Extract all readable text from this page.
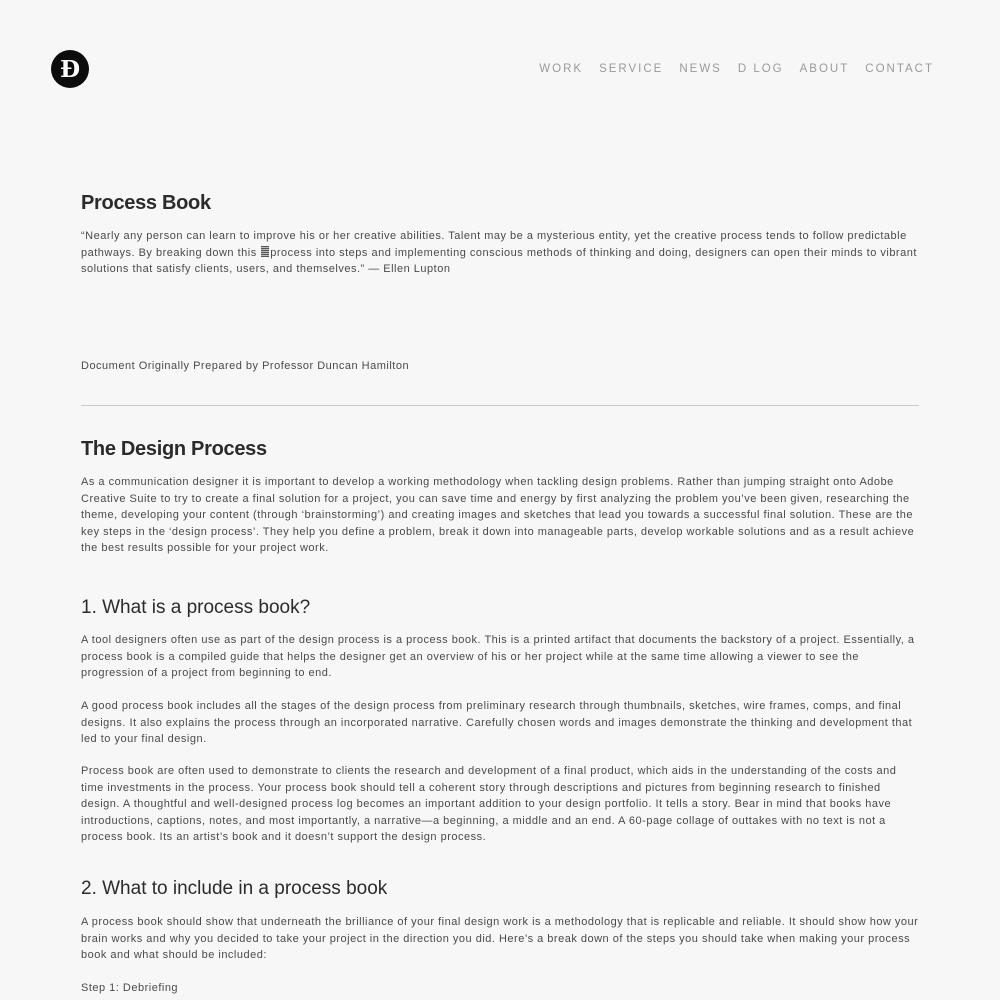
Đ	WORK SERVICE NEWS D LOG ABOUT CONTACT
Process Book

“Nearly any person can learn to improve his or her creative abilities. Talent may be a mysterious entity, yet the creative process tends to follow predictable pathways. By breaking down this process into steps and implementing conscious methods of thinking and doing, designers can open their minds to vibrant solutions that satisfy clients, users, and themselves.” — Ellen Lupton

Document Originally Prepared by Professor Duncan Hamilton

The Design Process

As a communication designer it is important to develop a working methodology when tackling design problems. Rather than jumping straight onto Adobe Creative Suite to try to create a final solution for a project, you can save time and energy by first analyzing the problem you’ve been given, researching the theme, developing your content (through ‘brainstorming’) and creating images and sketches that lead you towards a successful final solution. These are the key steps in the ‘design process’. They help you define a problem, break it down into manageable parts, develop workable solutions and as a result achieve the best results possible for your project work.

1. What is a process book?

A tool designers often use as part of the design process is a process book. This is a printed artifact that documents the backstory of a project. Essentially, a process book is a compiled guide that helps the designer get an overview of his or her project while at the same time allowing a viewer to see the progression of a project from beginning to end.

A good process book includes all the stages of the design process from preliminary research through thumbnails, sketches, wire frames, comps, and final designs. It also explains the process through an incorporated narrative. Carefully chosen words and images demonstrate the thinking and development that led to your final design.

Process book are often used to demonstrate to clients the research and development of a final product, which aids in the understanding of the costs and time investments in the process. Your process book should tell a coherent story through descriptions and pictures from beginning research to finished design. A thoughtful and well-designed process log becomes an important addition to your design portfolio. It tells a story. Bear in mind that books have introductions, captions, notes, and most importantly, a narrative—a beginning, a middle and an end. A 60-page collage of outtakes with no text is not a process book. Its an artist’s book and it doesn’t support the design process.

2. What to include in a process book

A process book should show that underneath the brilliance of your final design work is a methodology that is replicable and reliable. It should show how your brain works and why you decided to take your project in the direction you did. Here’s a break down of the steps you should take when making your process book and what should be included:

Step 1: Debriefing
